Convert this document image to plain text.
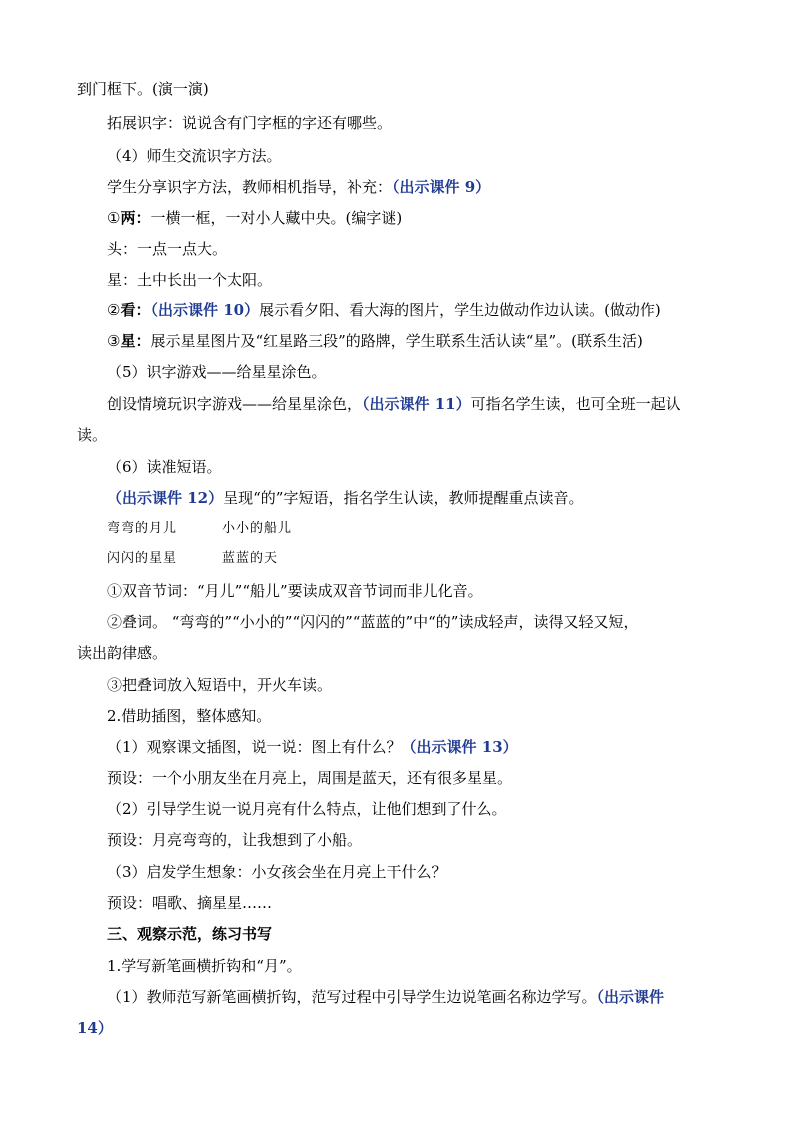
到门框下。(演一演)
拓展识字：说说含有门字框的字还有哪些。
（4）师生交流识字方法。
学生分享识字方法，教师相机指导，补充：（出示课件 9）
①两：一横一框，一对小人藏中央。(编字谜)
头：一点一点大。
星：土中长出一个太阳。
②看：（出示课件 10）展示看夕阳、看大海的图片，学生边做动作边认读。(做动作)
③星：展示星星图片及“红星路三段”的路牌，学生联系生活认读“星”。(联系生活)
（5）识字游戏——给星星涂色。
创设情境玩识字游戏——给星星涂色，（出示课件 11）可指名学生读，也可全班一起认
读。
（6）读准短语。
（出示课件 12）呈现“的”字短语，指名学生认读，教师提醒重点读音。
弯弯的月儿	小小的船儿
闪闪的星星	蓝蓝的天
①双音节词：“月儿”“船儿”要读成双音节词而非儿化音。
②叠词。 “弯弯的”“小小的”“闪闪的”“蓝蓝的”中“的”读成轻声，读得又轻又短，
读出韵律感。
③把叠词放入短语中，开火车读。
2.借助插图，整体感知。
（1）观察课文插图，说一说：图上有什么？（出示课件 13）
预设：一个小朋友坐在月亮上，周围是蓝天，还有很多星星。
（2）引导学生说一说月亮有什么特点，让他们想到了什么。
预设：月亮弯弯的，让我想到了小船。
（3）启发学生想象：小女孩会坐在月亮上干什么？
预设：唱歌、摘星星……
三、观察示范，练习书写
1.学写新笔画横折钩和“月”。
（1）教师范写新笔画横折钩，范写过程中引导学生边说笔画名称边学写。（出示课件
14）
